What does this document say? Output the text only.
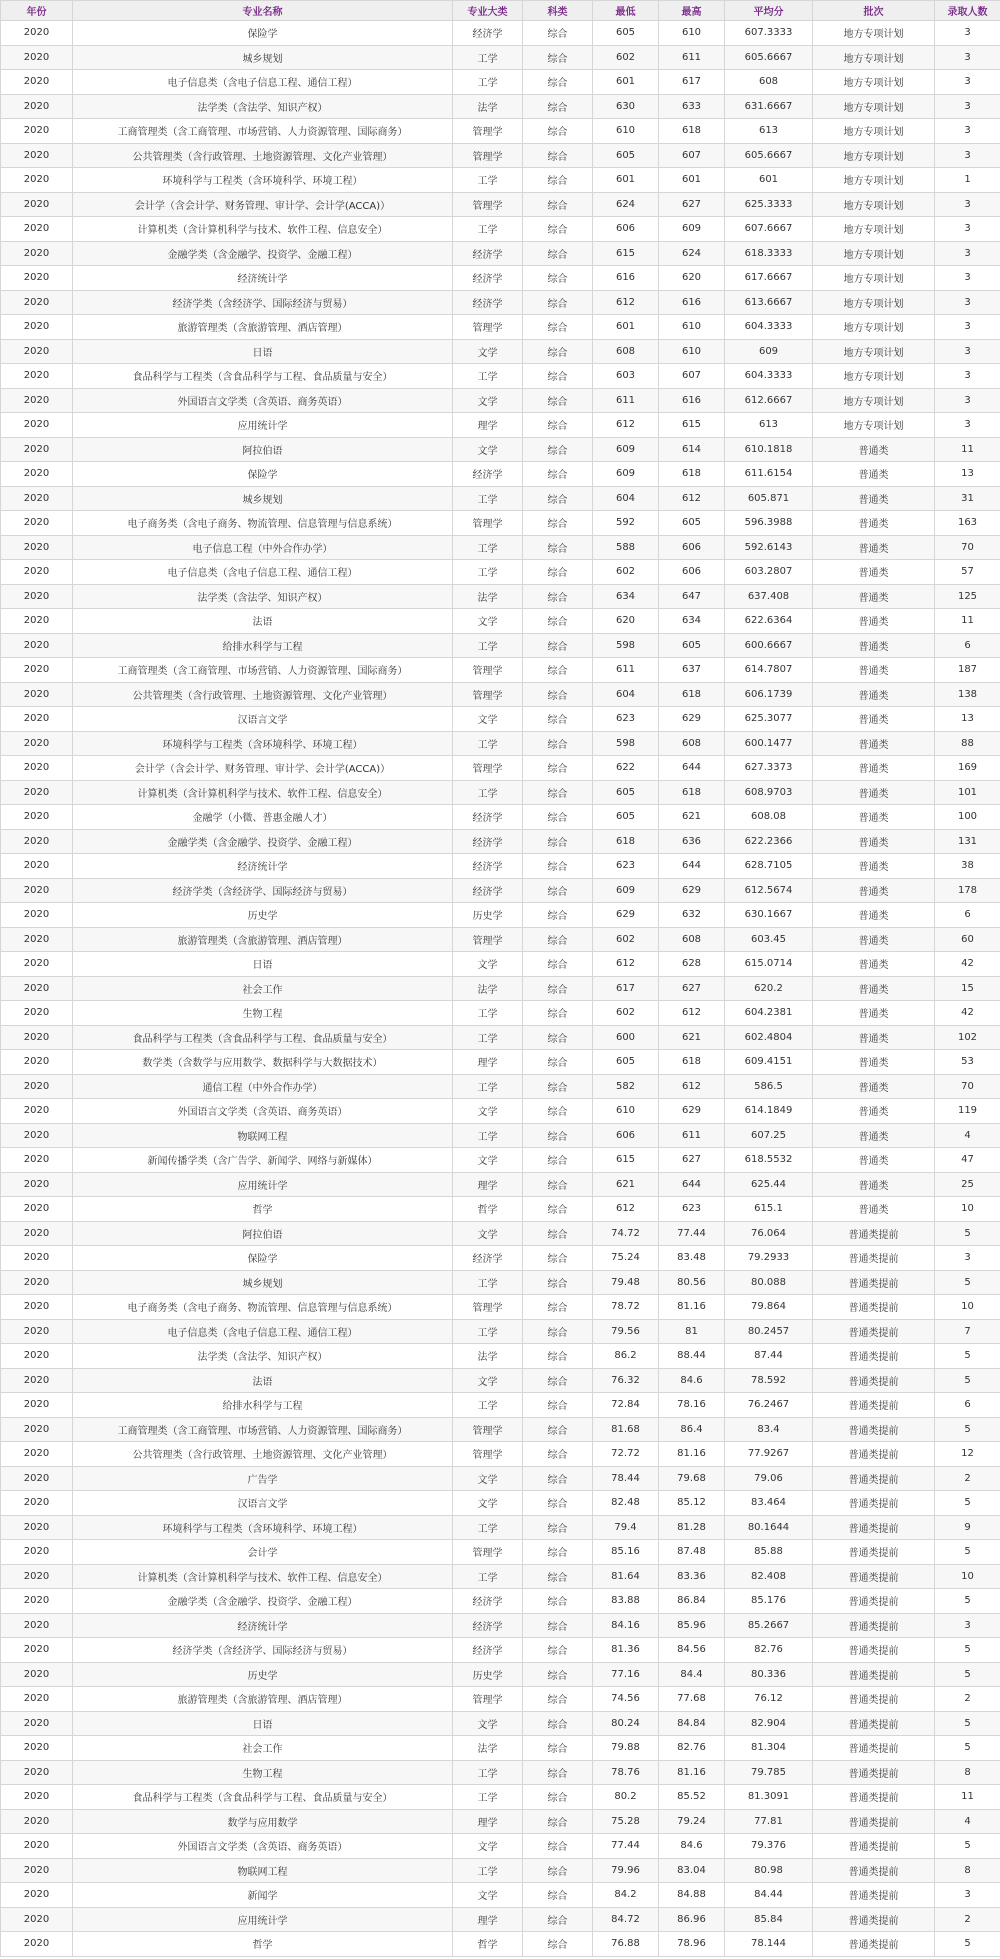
年份	专业名称	专业大类	科类	最低	最高	平均分	批次	录取人数
2020	保险学	经济学	综合	605	610	607.3333	地方专项计划	3
2020	城乡规划	工学	综合	602	611	605.6667	地方专项计划	3
2020	电子信息类（含电子信息工程、通信工程）	工学	综合	601	617	608	地方专项计划	3
2020	法学类（含法学、知识产权）	法学	综合	630	633	631.6667	地方专项计划	3
2020	工商管理类（含工商管理、市场营销、人力资源管理、国际商务）	管理学	综合	610	618	613	地方专项计划	3
2020	公共管理类（含行政管理、土地资源管理、文化产业管理）	管理学	综合	605	607	605.6667	地方专项计划	3
2020	环境科学与工程类（含环境科学、环境工程）	工学	综合	601	601	601	地方专项计划	1
2020	会计学（含会计学、财务管理、审计学、会计学(ACCA)）	管理学	综合	624	627	625.3333	地方专项计划	3
2020	计算机类（含计算机科学与技术、软件工程、信息安全）	工学	综合	606	609	607.6667	地方专项计划	3
2020	金融学类（含金融学、投资学、金融工程）	经济学	综合	615	624	618.3333	地方专项计划	3
2020	经济统计学	经济学	综合	616	620	617.6667	地方专项计划	3
2020	经济学类（含经济学、国际经济与贸易）	经济学	综合	612	616	613.6667	地方专项计划	3
2020	旅游管理类（含旅游管理、酒店管理）	管理学	综合	601	610	604.3333	地方专项计划	3
2020	日语	文学	综合	608	610	609	地方专项计划	3
2020	食品科学与工程类（含食品科学与工程、食品质量与安全）	工学	综合	603	607	604.3333	地方专项计划	3
2020	外国语言文学类（含英语、商务英语）	文学	综合	611	616	612.6667	地方专项计划	3
2020	应用统计学	理学	综合	612	615	613	地方专项计划	3
2020	阿拉伯语	文学	综合	609	614	610.1818	普通类	11
2020	保险学	经济学	综合	609	618	611.6154	普通类	13
2020	城乡规划	工学	综合	604	612	605.871	普通类	31
2020	电子商务类（含电子商务、物流管理、信息管理与信息系统）	管理学	综合	592	605	596.3988	普通类	163
2020	电子信息工程（中外合作办学）	工学	综合	588	606	592.6143	普通类	70
2020	电子信息类（含电子信息工程、通信工程）	工学	综合	602	606	603.2807	普通类	57
2020	法学类（含法学、知识产权）	法学	综合	634	647	637.408	普通类	125
2020	法语	文学	综合	620	634	622.6364	普通类	11
2020	给排水科学与工程	工学	综合	598	605	600.6667	普通类	6
2020	工商管理类（含工商管理、市场营销、人力资源管理、国际商务）	管理学	综合	611	637	614.7807	普通类	187
2020	公共管理类（含行政管理、土地资源管理、文化产业管理）	管理学	综合	604	618	606.1739	普通类	138
2020	汉语言文学	文学	综合	623	629	625.3077	普通类	13
2020	环境科学与工程类（含环境科学、环境工程）	工学	综合	598	608	600.1477	普通类	88
2020	会计学（含会计学、财务管理、审计学、会计学(ACCA)）	管理学	综合	622	644	627.3373	普通类	169
2020	计算机类（含计算机科学与技术、软件工程、信息安全）	工学	综合	605	618	608.9703	普通类	101
2020	金融学（小微、普惠金融人才）	经济学	综合	605	621	608.08	普通类	100
2020	金融学类（含金融学、投资学、金融工程）	经济学	综合	618	636	622.2366	普通类	131
2020	经济统计学	经济学	综合	623	644	628.7105	普通类	38
2020	经济学类（含经济学、国际经济与贸易）	经济学	综合	609	629	612.5674	普通类	178
2020	历史学	历史学	综合	629	632	630.1667	普通类	6
2020	旅游管理类（含旅游管理、酒店管理）	管理学	综合	602	608	603.45	普通类	60
2020	日语	文学	综合	612	628	615.0714	普通类	42
2020	社会工作	法学	综合	617	627	620.2	普通类	15
2020	生物工程	工学	综合	602	612	604.2381	普通类	42
2020	食品科学与工程类（含食品科学与工程、食品质量与安全）	工学	综合	600	621	602.4804	普通类	102
2020	数学类（含数学与应用数学、数据科学与大数据技术）	理学	综合	605	618	609.4151	普通类	53
2020	通信工程（中外合作办学）	工学	综合	582	612	586.5	普通类	70
2020	外国语言文学类（含英语、商务英语）	文学	综合	610	629	614.1849	普通类	119
2020	物联网工程	工学	综合	606	611	607.25	普通类	4
2020	新闻传播学类（含广告学、新闻学、网络与新媒体）	文学	综合	615	627	618.5532	普通类	47
2020	应用统计学	理学	综合	621	644	625.44	普通类	25
2020	哲学	哲学	综合	612	623	615.1	普通类	10
2020	阿拉伯语	文学	综合	74.72	77.44	76.064	普通类提前	5
2020	保险学	经济学	综合	75.24	83.48	79.2933	普通类提前	3
2020	城乡规划	工学	综合	79.48	80.56	80.088	普通类提前	5
2020	电子商务类（含电子商务、物流管理、信息管理与信息系统）	管理学	综合	78.72	81.16	79.864	普通类提前	10
2020	电子信息类（含电子信息工程、通信工程）	工学	综合	79.56	81	80.2457	普通类提前	7
2020	法学类（含法学、知识产权）	法学	综合	86.2	88.44	87.44	普通类提前	5
2020	法语	文学	综合	76.32	84.6	78.592	普通类提前	5
2020	给排水科学与工程	工学	综合	72.84	78.16	76.2467	普通类提前	6
2020	工商管理类（含工商管理、市场营销、人力资源管理、国际商务）	管理学	综合	81.68	86.4	83.4	普通类提前	5
2020	公共管理类（含行政管理、土地资源管理、文化产业管理）	管理学	综合	72.72	81.16	77.9267	普通类提前	12
2020	广告学	文学	综合	78.44	79.68	79.06	普通类提前	2
2020	汉语言文学	文学	综合	82.48	85.12	83.464	普通类提前	5
2020	环境科学与工程类（含环境科学、环境工程）	工学	综合	79.4	81.28	80.1644	普通类提前	9
2020	会计学	管理学	综合	85.16	87.48	85.88	普通类提前	5
2020	计算机类（含计算机科学与技术、软件工程、信息安全）	工学	综合	81.64	83.36	82.408	普通类提前	10
2020	金融学类（含金融学、投资学、金融工程）	经济学	综合	83.88	86.84	85.176	普通类提前	5
2020	经济统计学	经济学	综合	84.16	85.96	85.2667	普通类提前	3
2020	经济学类（含经济学、国际经济与贸易）	经济学	综合	81.36	84.56	82.76	普通类提前	5
2020	历史学	历史学	综合	77.16	84.4	80.336	普通类提前	5
2020	旅游管理类（含旅游管理、酒店管理）	管理学	综合	74.56	77.68	76.12	普通类提前	2
2020	日语	文学	综合	80.24	84.84	82.904	普通类提前	5
2020	社会工作	法学	综合	79.88	82.76	81.304	普通类提前	5
2020	生物工程	工学	综合	78.76	81.16	79.785	普通类提前	8
2020	食品科学与工程类（含食品科学与工程、食品质量与安全）	工学	综合	80.2	85.52	81.3091	普通类提前	11
2020	数学与应用数学	理学	综合	75.28	79.24	77.81	普通类提前	4
2020	外国语言文学类（含英语、商务英语）	文学	综合	77.44	84.6	79.376	普通类提前	5
2020	物联网工程	工学	综合	79.96	83.04	80.98	普通类提前	8
2020	新闻学	文学	综合	84.2	84.88	84.44	普通类提前	3
2020	应用统计学	理学	综合	84.72	86.96	85.84	普通类提前	2
2020	哲学	哲学	综合	76.88	78.96	78.144	普通类提前	5
